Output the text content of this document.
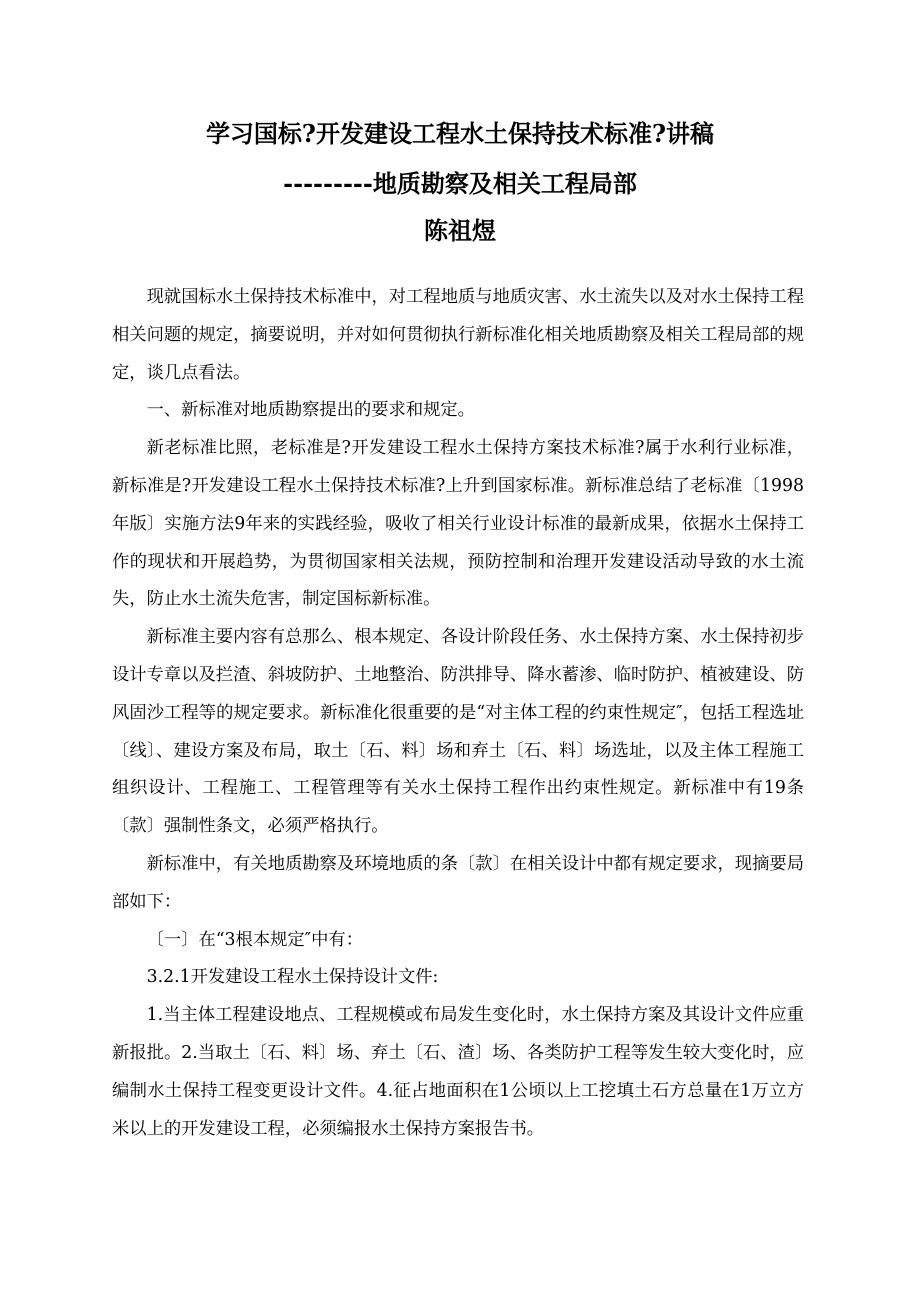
学习国标?开发建设工程水土保持技术标准?讲稿
---------地质勘察及相关工程局部
陈祖煜

现就国标水土保持技术标准中，对工程地质与地质灾害、水土流失以及对水土保持工程相关问题的规定，摘要说明，并对如何贯彻执行新标准化相关地质勘察及相关工程局部的规定，谈几点看法。

一、新标准对地质勘察提出的要求和规定。

新老标准比照，老标准是?开发建设工程水土保持方案技术标准?属于水利行业标准，新标准是?开发建设工程水土保持技术标准?上升到国家标准。新标准总结了老标准〔1998年版〕实施方法9年来的实践经验，吸收了相关行业设计标准的最新成果，依据水土保持工作的现状和开展趋势，为贯彻国家相关法规，预防控制和治理开发建设活动导致的水土流失，防止水土流失危害，制定国标新标准。

新标准主要内容有总那么、根本规定、各设计阶段任务、水土保持方案、水土保持初步设计专章以及拦渣、斜坡防护、土地整治、防洪排导、降水蓄渗、临时防护、植被建设、防风固沙工程等的规定要求。新标准化很重要的是“对主体工程的约束性规定″，包括工程选址〔线〕、建设方案及布局，取土〔石、料〕场和弃土〔石、料〕场选址，以及主体工程施工组织设计、工程施工、工程管理等有关水土保持工程作出约束性规定。新标准中有19条〔款〕强制性条文，必须严格执行。

新标准中，有关地质勘察及环境地质的条〔款〕在相关设计中都有规定要求，现摘要局部如下：

〔一〕在“3根本规定″中有：

3.2.1开发建设工程水土保持设计文件:

1.当主体工程建设地点、工程规模或布局发生变化时，水土保持方案及其设计文件应重新报批。2.当取土〔石、料〕场、弃土〔石、渣〕场、各类防护工程等发生较大变化时，应编制水土保持工程变更设计文件。4.征占地面积在1公顷以上工挖填土石方总量在1万立方米以上的开发建设工程，必须编报水土保持方案报告书。
